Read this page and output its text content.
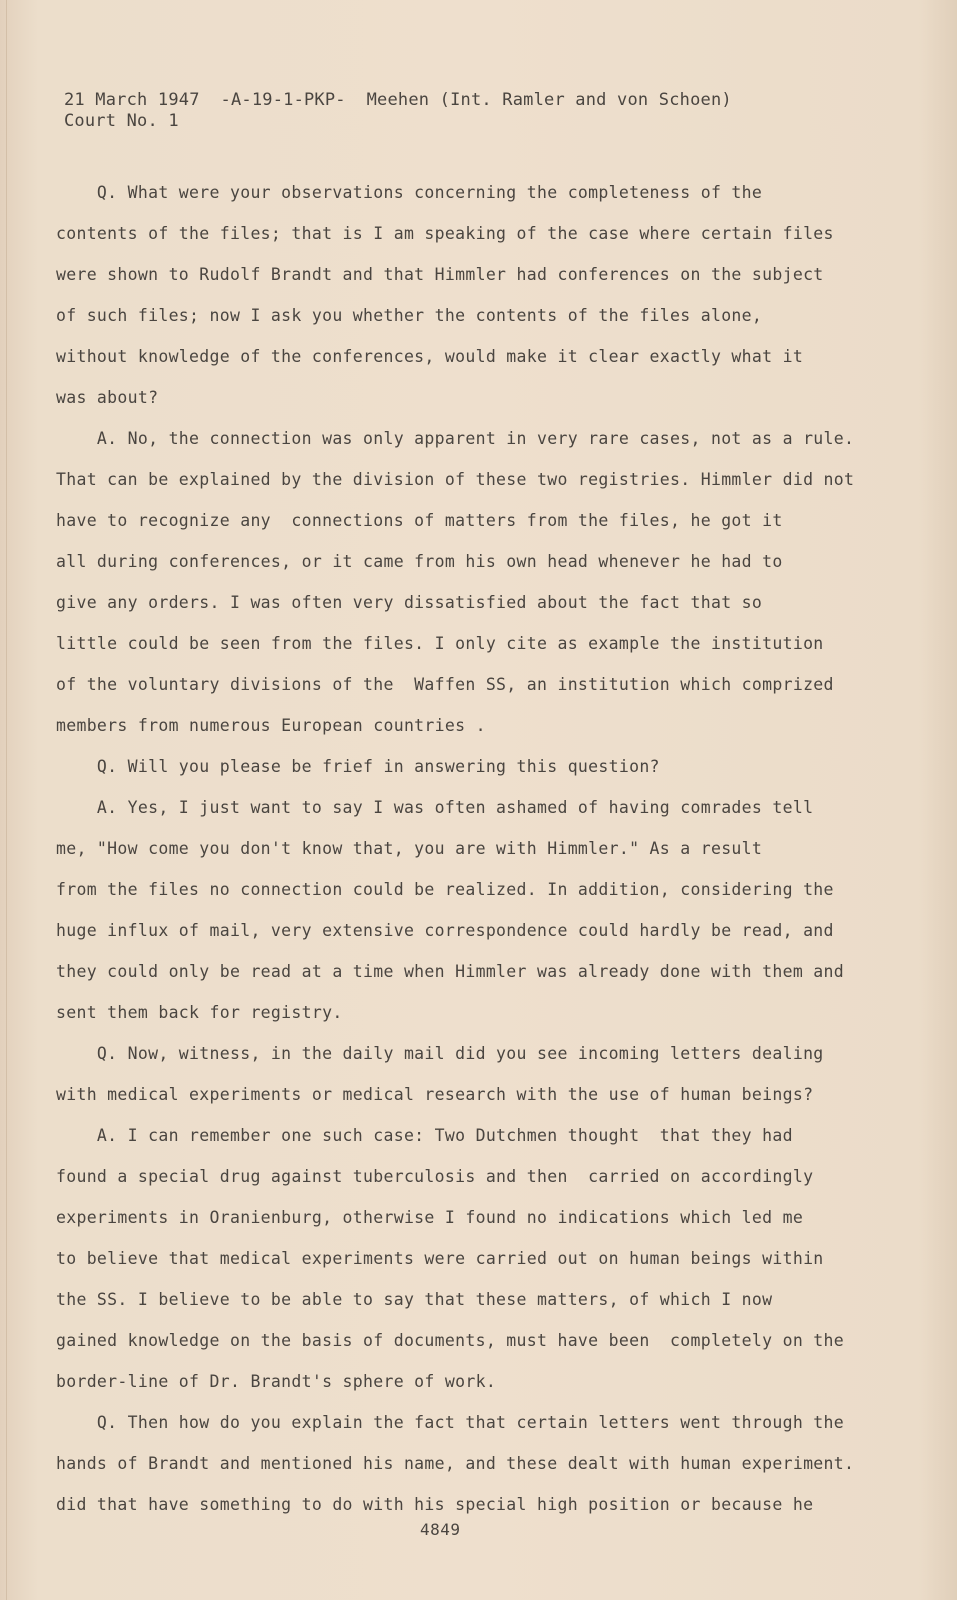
21 March 1947  -A-19-1-PKP-  Meehen (Int. Ramler and von Schoen)
Court No. 1
Q. What were your observations concerning the completeness of the
contents of the files; that is I am speaking of the case where certain files
were shown to Rudolf Brandt and that Himmler had conferences on the subject
of such files; now I ask you whether the contents of the files alone,
without knowledge of the conferences, would make it clear exactly what it
was about?
A. No, the connection was only apparent in very rare cases, not as a rule.
That can be explained by the division of these two registries. Himmler did not
have to recognize any  connections of matters from the files, he got it
all during conferences, or it came from his own head whenever he had to
give any orders. I was often very dissatisfied about the fact that so
little could be seen from the files. I only cite as example the institution
of the voluntary divisions of the  Waffen SS, an institution which comprized
members from numerous European countries .
Q. Will you please be frief in answering this question?
A. Yes, I just want to say I was often ashamed of having comrades tell
me, "How come you don't know that, you are with Himmler." As a result
from the files no connection could be realized. In addition, considering the
huge influx of mail, very extensive correspondence could hardly be read, and
they could only be read at a time when Himmler was already done with them and
sent them back for registry.
Q. Now, witness, in the daily mail did you see incoming letters dealing
with medical experiments or medical research with the use of human beings?
A. I can remember one such case: Two Dutchmen thought  that they had
found a special drug against tuberculosis and then  carried on accordingly
experiments in Oranienburg, otherwise I found no indications which led me
to believe that medical experiments were carried out on human beings within
the SS. I believe to be able to say that these matters, of which I now
gained knowledge on the basis of documents, must have been  completely on the
border-line of Dr. Brandt's sphere of work.
Q. Then how do you explain the fact that certain letters went through the
hands of Brandt and mentioned his name, and these dealt with human experiment.
did that have something to do with his special high position or because he
4849
